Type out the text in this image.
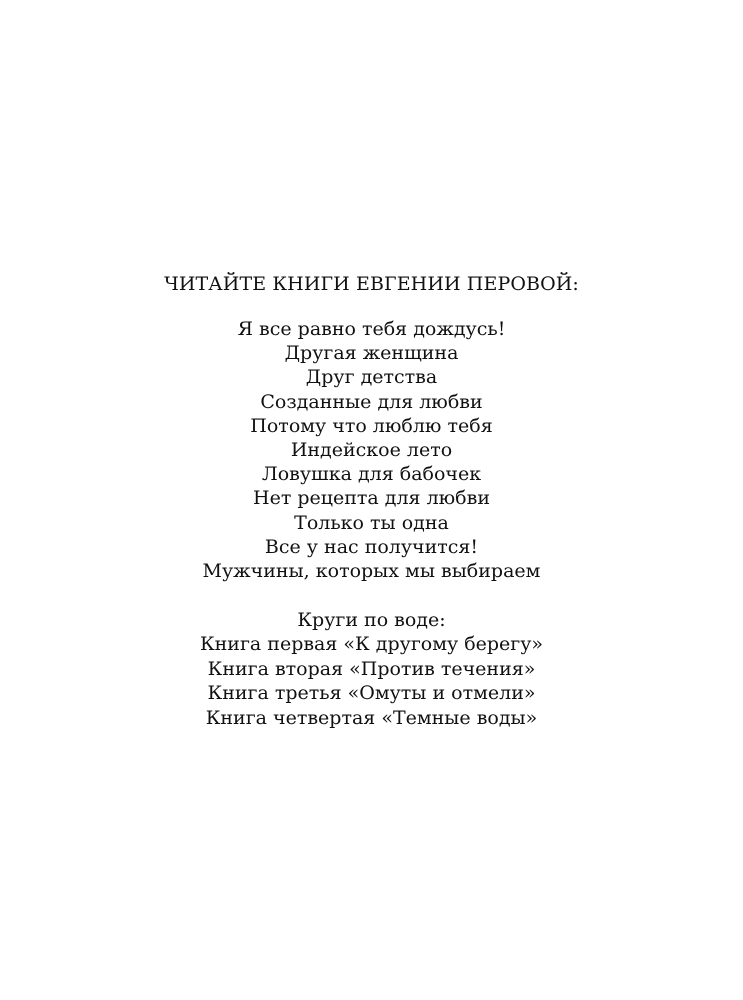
ЧИТАЙТЕ КНИГИ ЕВГЕНИИ ПЕРОВОЙ:
Я все равно тебя дождусь!
Другая женщина
Друг детства
Созданные для любви
Потому что люблю тебя
Индейское лето
Ловушка для бабочек
Нет рецепта для любви
Только ты одна
Все у нас получится!
Мужчины, которых мы выбираем
Круги по воде:
Книга первая «К другому берегу»
Книга вторая «Против течения»
Книга третья «Омуты и отмели»
Книга четвертая «Темные воды»
